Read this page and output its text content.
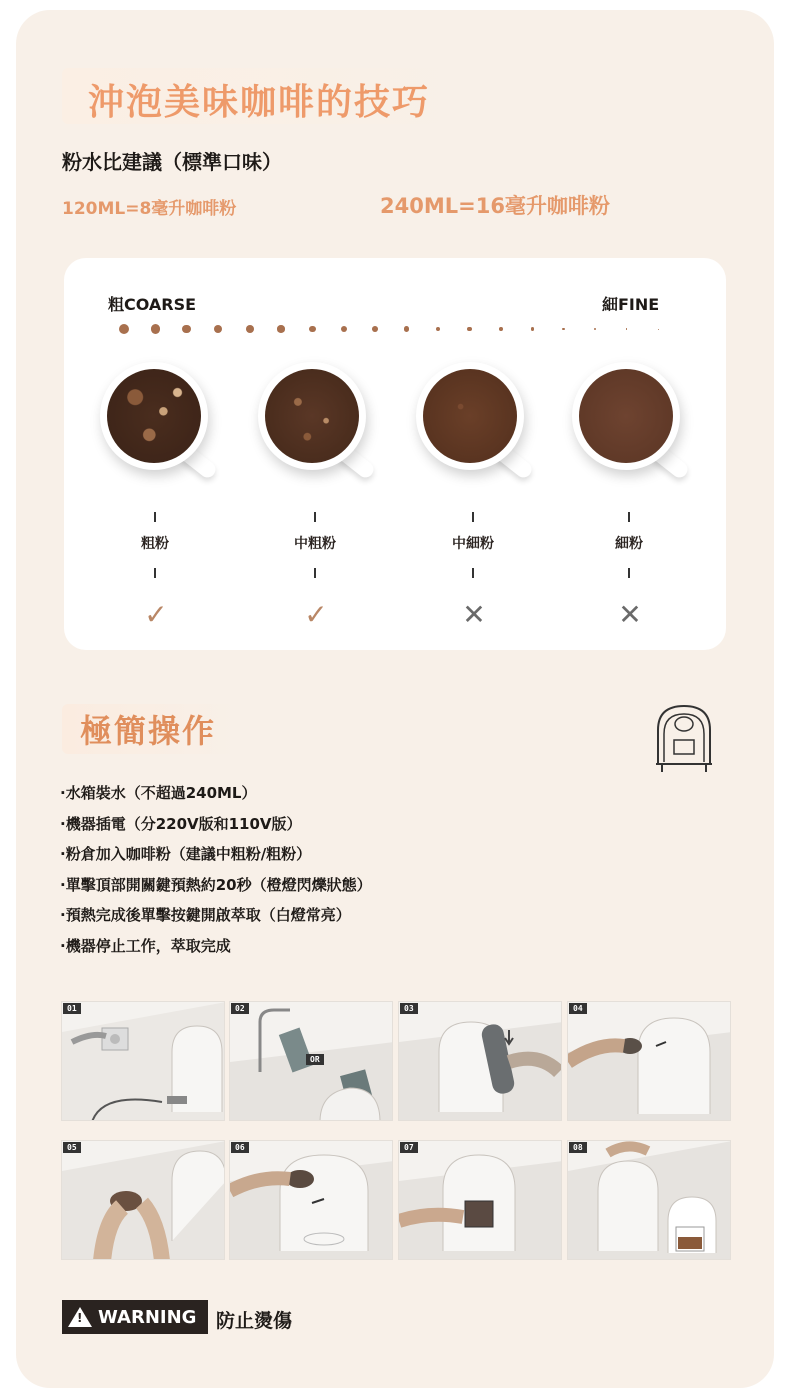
沖泡美味咖啡的技巧
粉水比建議（標準口味）
120ML=8毫升咖啡粉	240ML=16毫升咖啡粉
粗COARSE	細FINE
粗粉
✓
中粗粉
✓
中細粉
✕
細粉
✕
極簡操作
·水箱裝水（不超過240ML）
·機器插電（分220V版和110V版）
·粉倉加入咖啡粉（建議中粗粉/粗粉）
·單擊頂部開關鍵預熱約20秒（橙燈閃爍狀態）
·預熱完成後單擊按鍵開啟萃取（白燈常亮）
·機器停止工作，萃取完成
01	02
OR
03	04
05	06	07	08
! WARNING 防止燙傷
